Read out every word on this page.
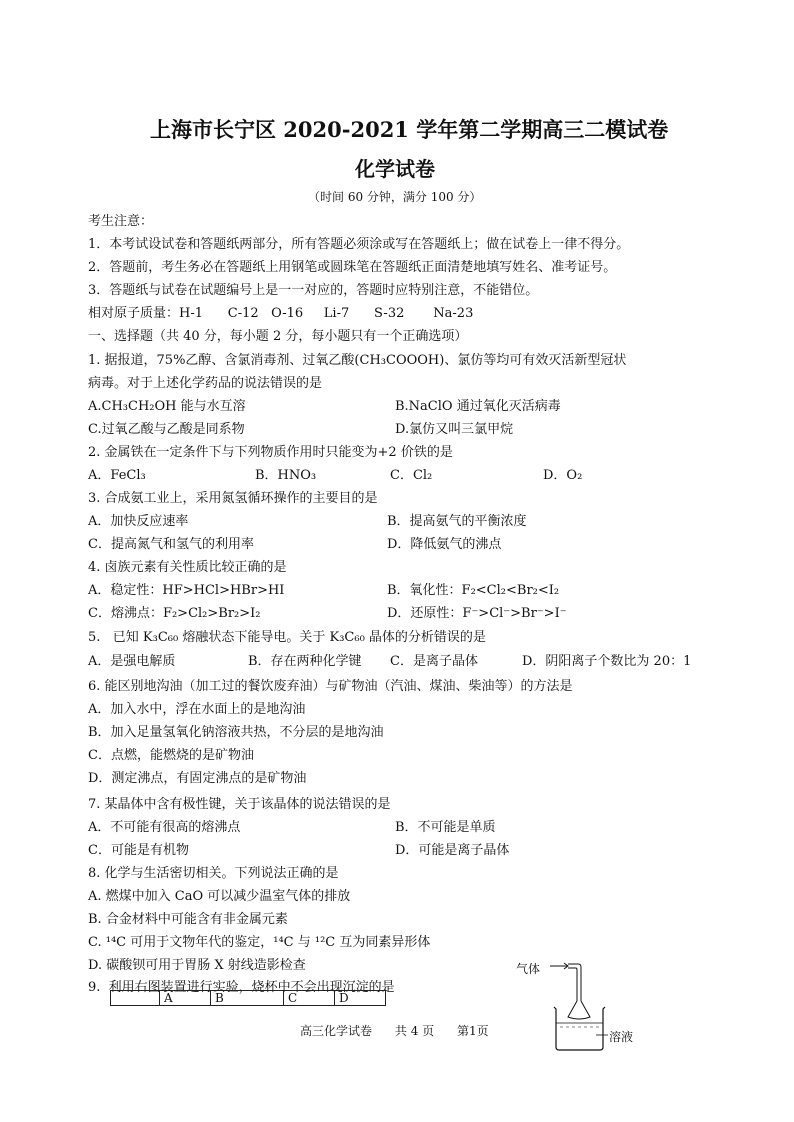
上海市长宁区 2020-2021 学年第二学期高三二模试卷
化学试卷
（时间 60 分钟，满分 100 分）
考生注意：
1．本考试设试卷和答题纸两部分，所有答题必须涂或写在答题纸上；做在试卷上一律不得分。
2．答题前，考生务必在答题纸上用钢笔或圆珠笔在答题纸正面清楚地填写姓名、准考证号。
3．答题纸与试卷在试题编号上是一一对应的，答题时应特别注意，不能错位。
相对原子质量：H-1      C-12   O-16     Li-7      S-32       Na-23
一、选择题（共 40 分，每小题 2 分，每小题只有一个正确选项）
1. 据报道，75%乙醇、含氯消毒剂、过氧乙酸(CH₃COOOH)、氯仿等均可有效灭活新型冠状
病毒。对于上述化学药品的说法错误的是
A.CH₃CH₂OH 能与水互溶	B.NaClO 通过氧化灭活病毒
C.过氧乙酸与乙酸是同系物	D.氯仿又叫三氯甲烷
2. 金属铁在一定条件下与下列物质作用时只能变为+2 价铁的是
A．FeCl₃	B．HNO₃	C．Cl₂	D．O₂
3. 合成氨工业上，采用氮氢循环操作的主要目的是
A．加快反应速率	B．提高氨气的平衡浓度
C．提高氮气和氢气的利用率	D．降低氨气的沸点
4. 卤族元素有关性质比较正确的是
A．稳定性：HF>HCl>HBr>HI	B．氧化性：F₂<Cl₂<Br₂<I₂
C．熔沸点：F₂>Cl₂>Br₂>I₂	D．还原性：F⁻>Cl⁻>Br⁻>I⁻
5.   已知 K₃C₆₀ 熔融状态下能导电。关于 K₃C₆₀ 晶体的分析错误的是
A．是强电解质	B．存在两种化学键 C．是离子晶体	D．阴阳离子个数比为 20：1
6. 能区别地沟油（加工过的餐饮废弃油）与矿物油（汽油、煤油、柴油等）的方法是
A．加入水中，浮在水面上的是地沟油
B．加入足量氢氧化钠溶液共热，不分层的是地沟油
C．点燃，能燃烧的是矿物油
D．测定沸点，有固定沸点的是矿物油
7. 某晶体中含有极性键，关于该晶体的说法错误的是
A．不可能有很高的熔沸点	B．不可能是单质
C．可能是有机物	D．可能是离子晶体
8. 化学与生活密切相关。下列说法正确的是
A. 燃煤中加入 CaO 可以减少温室气体的排放
B. 合金材料中可能含有非金属元素
C. ¹⁴C 可用于文物年代的鉴定，¹⁴C 与 ¹²C 互为同素异形体
D. 碳酸钡可用于胃肠 X 射线造影检查
9.  利用右图装置进行实验，烧杯中不会出现沉淀的是
	A	B	C	D
气体
溶液
高三化学试卷      共 4 页      第1页
